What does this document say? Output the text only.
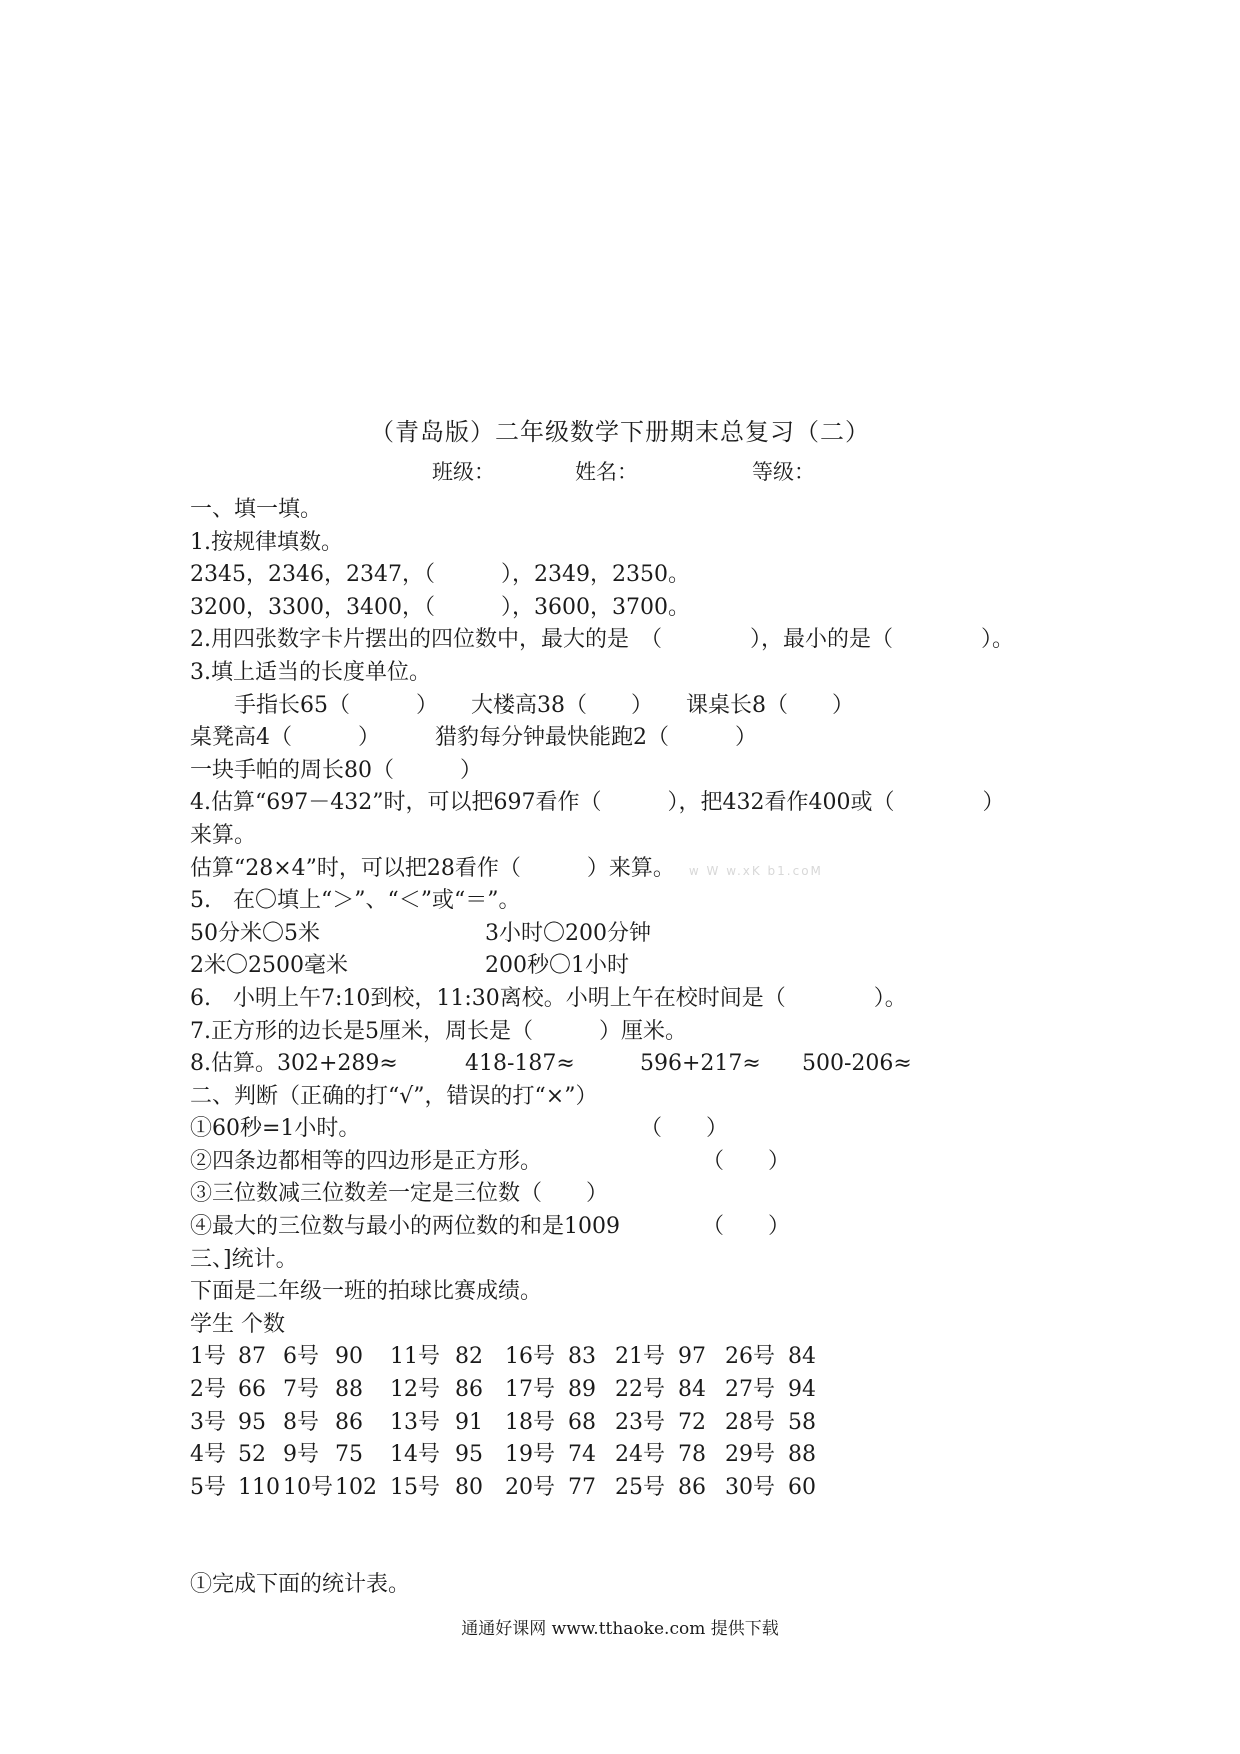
（青岛版）二年级数学下册期末总复习（二）
班级：	姓名：	等级：
一、填一填。
1.按规律填数。
2345，2346，2347，（　　　），2349，2350。
3200，3300，3400，（　　　），3600，3700。
2.用四张数字卡片摆出的四位数中，最大的是　（　　　　），最小的是（　　　　）。
3.填上适当的长度单位。
　　手指长65（　　　）　　大楼高38（　　）　　课桌长8（　　）
桌凳高4（　　　）　　　猎豹每分钟最快能跑2（　　　）
一块手帕的周长80（　　　）
4.估算“697－432”时，可以把697看作（　　　），把432看作400或（　　　　）
来算。
估算“28×4”时，可以把28看作（　　　）来算。 w W w.xK b1.coM
5.　在〇填上“＞”、“＜”或“＝”。
50分米〇5米	3小时〇200分钟
2米〇2500毫米	200秒〇1小时
6.　小明上午7:10到校，11:30离校。小明上午在校时间是（　　　　）。
7.正方形的边长是5厘米，周长是（　　　）厘米。
8.估算。302+289≈	418-187≈	596+217≈ 500-206≈
二、判断（正确的打“√”，错误的打“×”）
①60秒=1小时。	（　　）
②四条边都相等的四边形是正方形。	（　　）
③三位数减三位数差一定是三位数（　　）
④最大的三位数与最小的两位数的和是1009	（　　）
三、]统计。
下面是二年级一班的拍球比赛成绩。
学生 个数
1号 87 6号 90 11号 82 16号 83 21号 97 26号 84
2号 66 7号 88 12号 86 17号 89 22号 84 27号 94
3号 95 8号 86 13号 91 18号 68 23号 72 28号 58
4号 52 9号 75 14号 95 19号 74 24号 78 29号 88
5号 110 10号 102 15号 80 20号 77 25号 86 30号 60
①完成下面的统计表。
通通好课网 www.tthaoke.com 提供下载
